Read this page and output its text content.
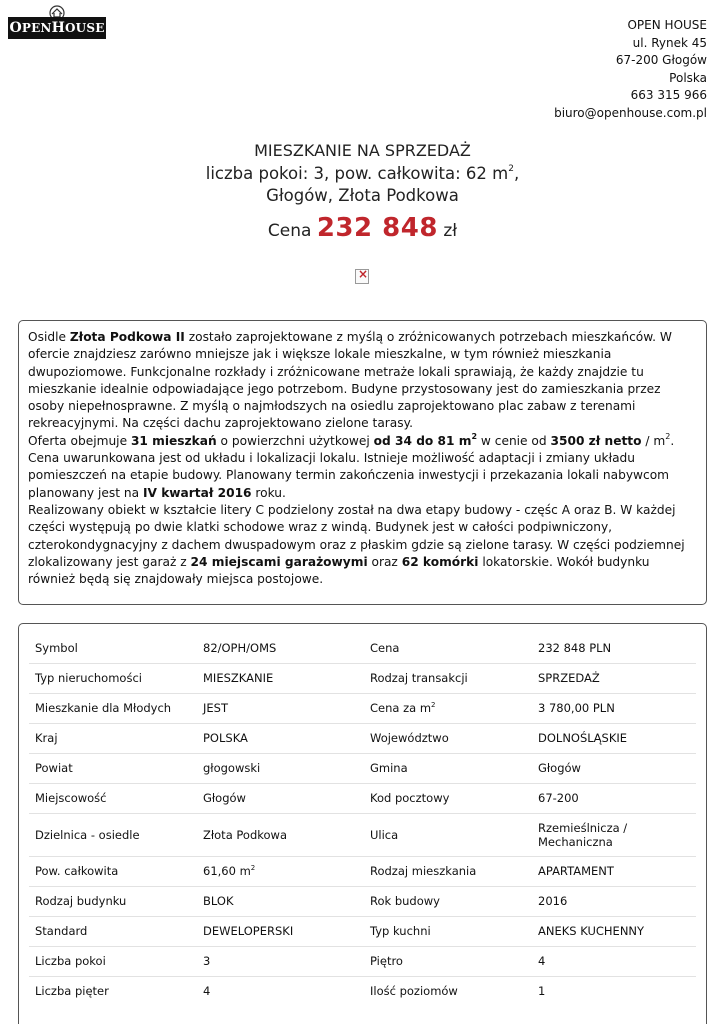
OPENHOUSE	OPEN HOUSE
ul. Rynek 45
67-200 Głogów
Polska
663 315 966
biuro@openhouse.com.pl
MIESZKANIE NA SPRZEDAŻ
liczba pokoi: 3, pow. całkowita: 62 $m^2$,
Głogów, Złota Podkowa
Cena 232 848 zł
×
Osidle Złota Podkowa II zostało zaprojektowane z myślą o zróżnicowanych potrzebach mieszkańców. W ofercie znajdziesz zarówno mniejsze jak i większe lokale mieszkalne, w tym również mieszkania dwupoziomowe. Funkcjonalne rozkłady i zróżnicowane metraże lokali sprawiają, że każdy znajdzie tu mieszkanie idealnie odpowiadające jego potrzebom. Budyne przystosowany jest do zamieszkania przez osoby niepełnosprawne. Z myślą o najmłodszych na osiedlu zaprojektowano plac zabaw z terenami rekreacyjnymi. Na części dachu zaprojektowano zielone tarasy.
Oferta obejmuje 31 mieszkań o powierzchni użytkowej od 34 do 81 $m^2$ w cenie od 3500 zł netto / $m^2$.
Cena uwarunkowana jest od układu i lokalizacji lokalu. Istnieje możliwość adaptacji i zmiany układu pomieszczeń na etapie budowy. Planowany termin zakończenia inwestycji i przekazania lokali nabywcom planowany jest na IV kwartał 2016 roku.
Realizowany obiekt w kształcie litery C podzielony został na dwa etapy budowy - częśc A oraz B. W każdej części występują po dwie klatki schodowe wraz z windą. Budynek jest w całości podpiwniczony, czterokondygnacyjny z dachem dwuspadowym oraz z płaskim gdzie są zielone tarasy. W części podziemnej zlokalizowany jest garaż z 24 miejscami garażowymi oraz 62 komórki lokatorskie. Wokół budynku również będą się znajdowały miejsca postojowe.
Symbol	82/OPH/OMS	Cena	232 848 PLN
Typ nieruchomości	MIESZKANIE	Rodzaj transakcji	SPRZEDAŻ
Mieszkanie dla Młodych	JEST	Cena za $m^2$	3 780,00 PLN
Kraj	POLSKA	Województwo	DOLNOŚLĄSKIE
Powiat	głogowski	Gmina	Głogów
Miejscowość	Głogów	Kod pocztowy	67-200
Dzielnica - osiedle	Złota Podkowa	Ulica	Rzemieślnicza /
Mechaniczna

Pow. całkowita	61,60 $m^2$	Rodzaj mieszkania	APARTAMENT
Rodzaj budynku	BLOK	Rok budowy	2016
Standard	DEWELOPERSKI	Typ kuchni	ANEKS KUCHENNY
Liczba pokoi	3	Piętro	4
Liczba pięter	4	Ilość poziomów	1
